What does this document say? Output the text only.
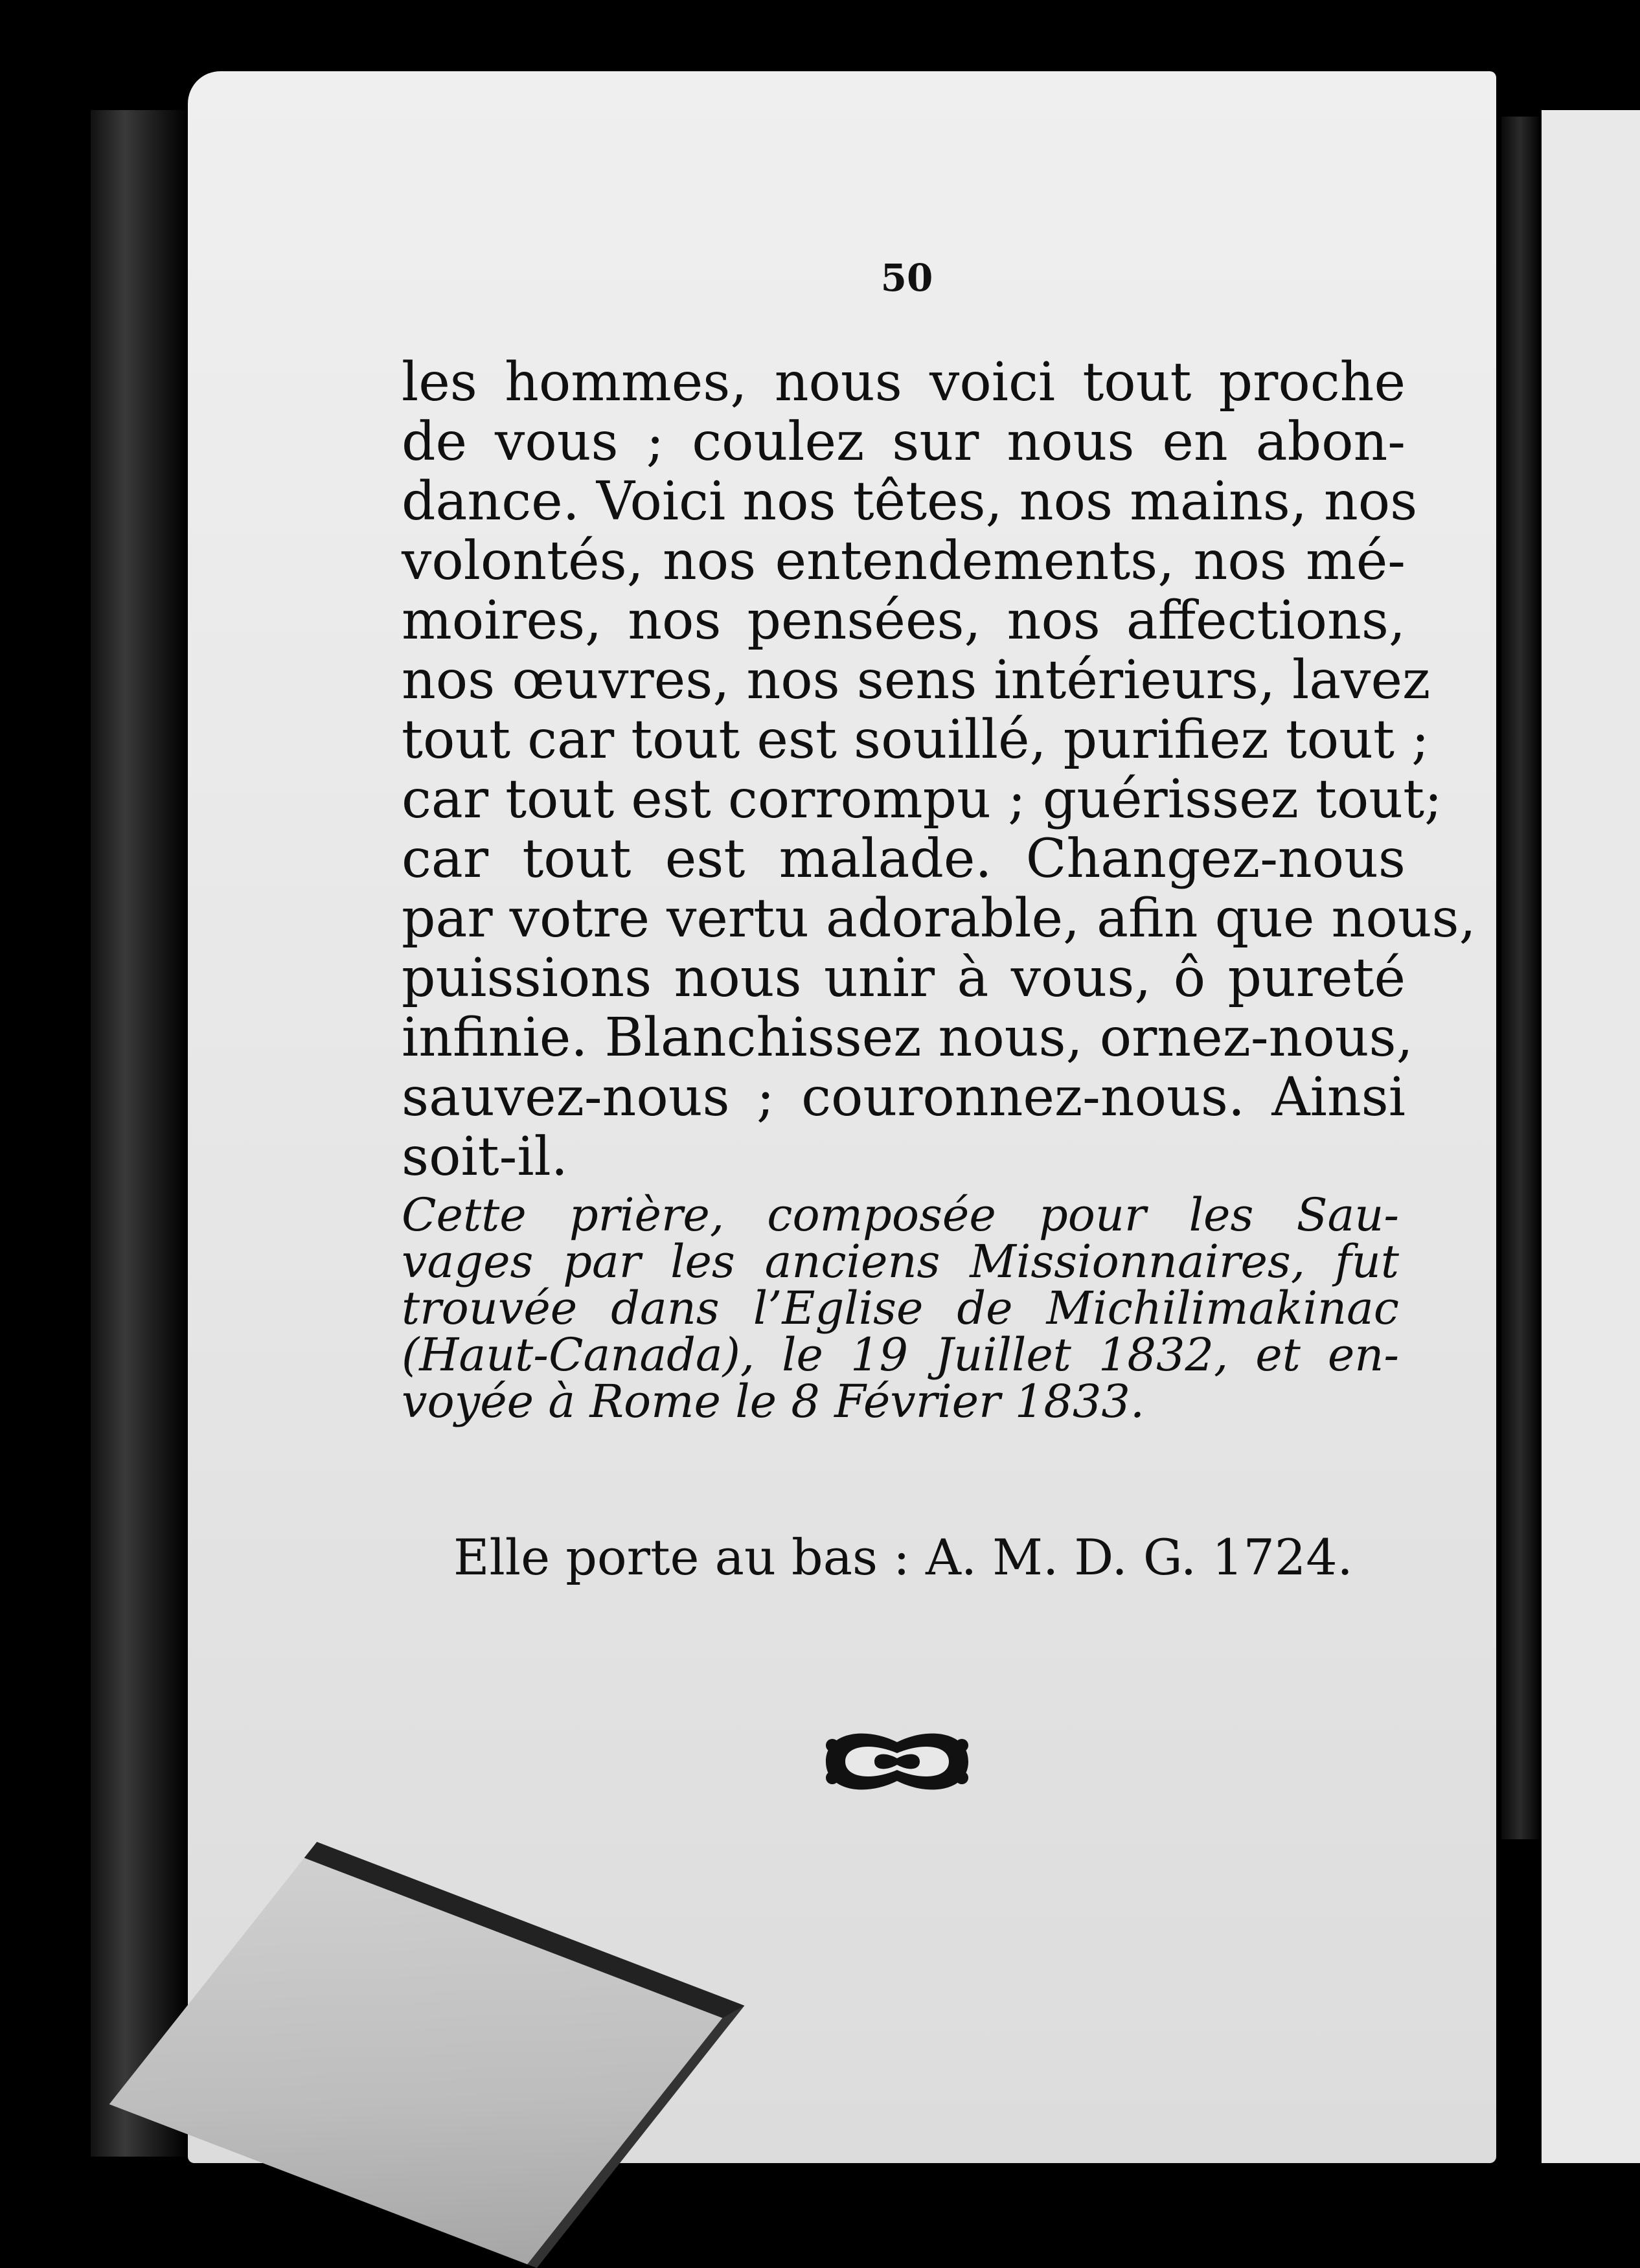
50
les hommes, nous voici tout proche
de vous ; coulez sur nous en abon-
dance. Voici nos têtes, nos mains, nos
volontés, nos entendements, nos mé-
moires, nos pensées, nos affections,
nos œuvres, nos sens intérieurs, lavez
tout car tout est souillé, purifiez tout ;
car tout est corrompu ; guérissez tout;
car tout est malade. Changez-nous
par votre vertu adorable, afin que nous,
puissions nous unir à vous, ô pureté
infinie. Blanchissez nous, ornez-nous,
sauvez-nous ; couronnez-nous. Ainsi
soit-il.
Cette prière, composée pour les Sau-
vages par les anciens Missionnaires, fut
trouvée dans l’Eglise de Michilimakinac
(Haut-Canada), le 19 Juillet 1832, et en-
voyée à Rome le 8 Février 1833.
Elle porte au bas : A. M. D. G. 1724.
